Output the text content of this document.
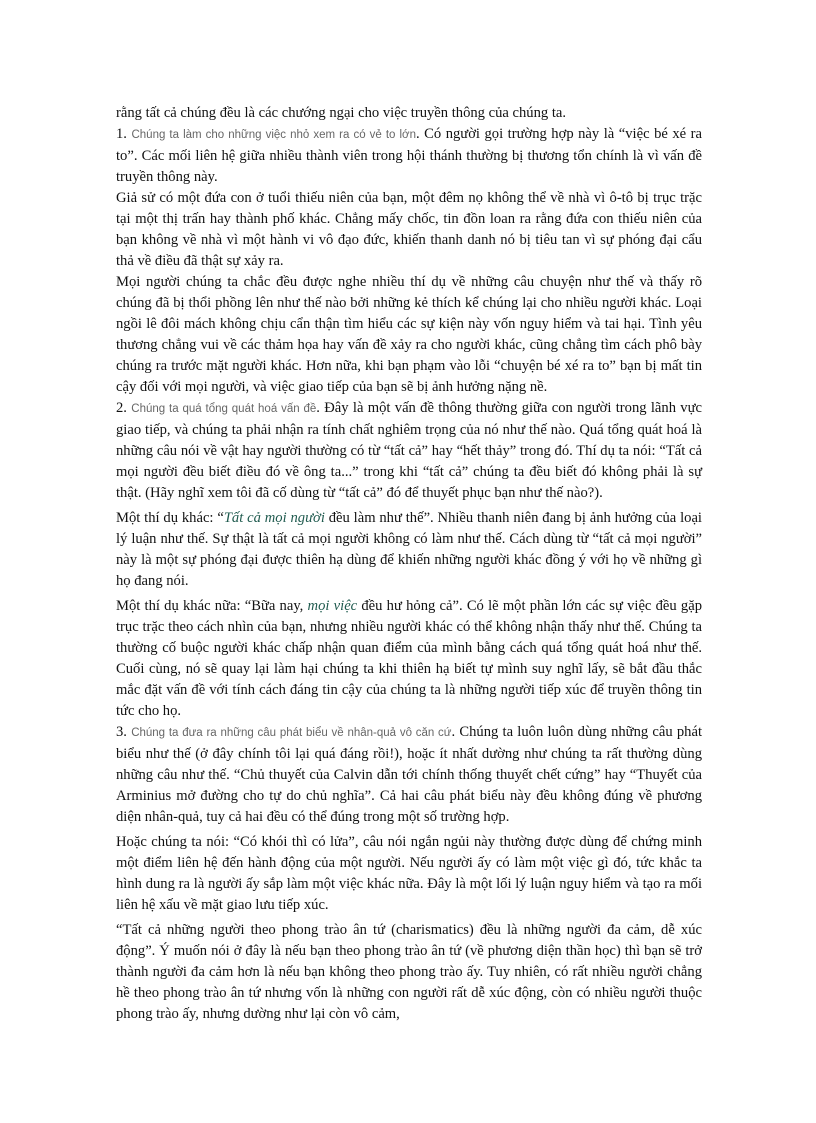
rằng tất cả chúng đều là các chướng ngại cho việc truyền thông của chúng ta.

1. Chúng ta làm cho những việc nhỏ xem ra có vẻ to lớn. Có người gọi trường hợp này là “việc bé xé ra to”. Các mối liên hệ giữa nhiều thành viên trong hội thánh thường bị thương tổn chính là vì vấn đề truyền thông này.

Giả sử có một đứa con ở tuổi thiếu niên của bạn, một đêm nọ không thể về nhà vì ô-tô bị trục trặc tại một thị trấn hay thành phố khác. Chẳng mấy chốc, tin đồn loan ra rằng đứa con thiếu niên của bạn không về nhà vì một hành vi vô đạo đức, khiến thanh danh nó bị tiêu tan vì sự phóng đại cẩu thả về điều đã thật sự xảy ra.

Mọi người chúng ta chắc đều được nghe nhiều thí dụ về những câu chuyện như thế và thấy rõ chúng đã bị thổi phồng lên như thế nào bởi những kẻ thích kể chúng lại cho nhiều người khác. Loại ngồi lê đôi mách không chịu cẩn thận tìm hiểu các sự kiện này vốn nguy hiểm và tai hại. Tình yêu thương chẳng vui về các thảm họa hay vấn đề xảy ra cho người khác, cũng chẳng tìm cách phô bày chúng ra trước mặt người khác. Hơn nữa, khi bạn phạm vào lỗi “chuyện bé xé ra to” bạn bị mất tin cậy đối với mọi người, và việc giao tiếp của bạn sẽ bị ảnh hưởng nặng nề.

2. Chúng ta quá tổng quát hoá vấn đề. Đây là một vấn đề thông thường giữa con người trong lãnh vực giao tiếp, và chúng ta phải nhận ra tính chất nghiêm trọng của nó như thế nào. Quá tổng quát hoá là những câu nói về vật hay người thường có từ “tất cả” hay “hết thảy” trong đó. Thí dụ ta nói: “Tất cả mọi người đều biết điều đó về ông ta...” trong khi “tất cả” chúng ta đều biết đó không phải là sự thật. (Hãy nghĩ xem tôi đã cố dùng từ “tất cả” đó để thuyết phục bạn như thế nào?).

Một thí dụ khác: “Tất cả mọi người đều làm như thế”. Nhiều thanh niên đang bị ảnh hưởng của loại lý luận như thế. Sự thật là tất cả mọi người không có làm như thế. Cách dùng từ “tất cả mọi người” này là một sự phóng đại được thiên hạ dùng để khiến những người khác đồng ý với họ về những gì họ đang nói.

Một thí dụ khác nữa: “Bữa nay, mọi việc đều hư hỏng cả”. Có lẽ một phần lớn các sự việc đều gặp trục trặc theo cách nhìn của bạn, nhưng nhiều người khác có thể không nhận thấy như thế. Chúng ta thường cố buộc người khác chấp nhận quan điểm của mình bằng cách quá tổng quát hoá như thế. Cuối cùng, nó sẽ quay lại làm hại chúng ta khi thiên hạ biết tự mình suy nghĩ lấy, sẽ bắt đầu thắc mắc đặt vấn đề với tính cách đáng tin cậy của chúng ta là những người tiếp xúc để truyền thông tin tức cho họ.

3. Chúng ta đưa ra những câu phát biểu về nhân-quả vô căn cứ. Chúng ta luôn luôn dùng những câu phát biểu như thế (ở đây chính tôi lại quá đáng rồi!), hoặc ít nhất dường như chúng ta rất thường dùng những câu như thế. “Chủ thuyết của Calvin dẫn tới chính thống thuyết chết cứng” hay “Thuyết của Arminius mở đường cho tự do chủ nghĩa”. Cả hai câu phát biểu này đều không đúng về phương diện nhân-quả, tuy cả hai đều có thể đúng trong một số trường hợp.

Hoặc chúng ta nói: “Có khói thì có lửa”, câu nói ngắn ngủi này thường được dùng để chứng minh một điểm liên hệ đến hành động của một người. Nếu người ấy có làm một việc gì đó, tức khắc ta hình dung ra là người ấy sắp làm một việc khác nữa. Đây là một lối lý luận nguy hiểm và tạo ra mối liên hệ xấu về mặt giao lưu tiếp xúc.

“Tất cả những người theo phong trào ân tứ (charismatics) đều là những người đa cảm, dễ xúc động”. Ý muốn nói ở đây là nếu bạn theo phong trào ân tứ (về phương diện thần học) thì bạn sẽ trở thành người đa cảm hơn là nếu bạn không theo phong trào ấy. Tuy nhiên, có rất nhiều người chẳng hề theo phong trào ân tứ nhưng vốn là những con người rất dễ xúc động, còn có nhiều người thuộc phong trào ấy, nhưng dường như lại còn vô cảm,
